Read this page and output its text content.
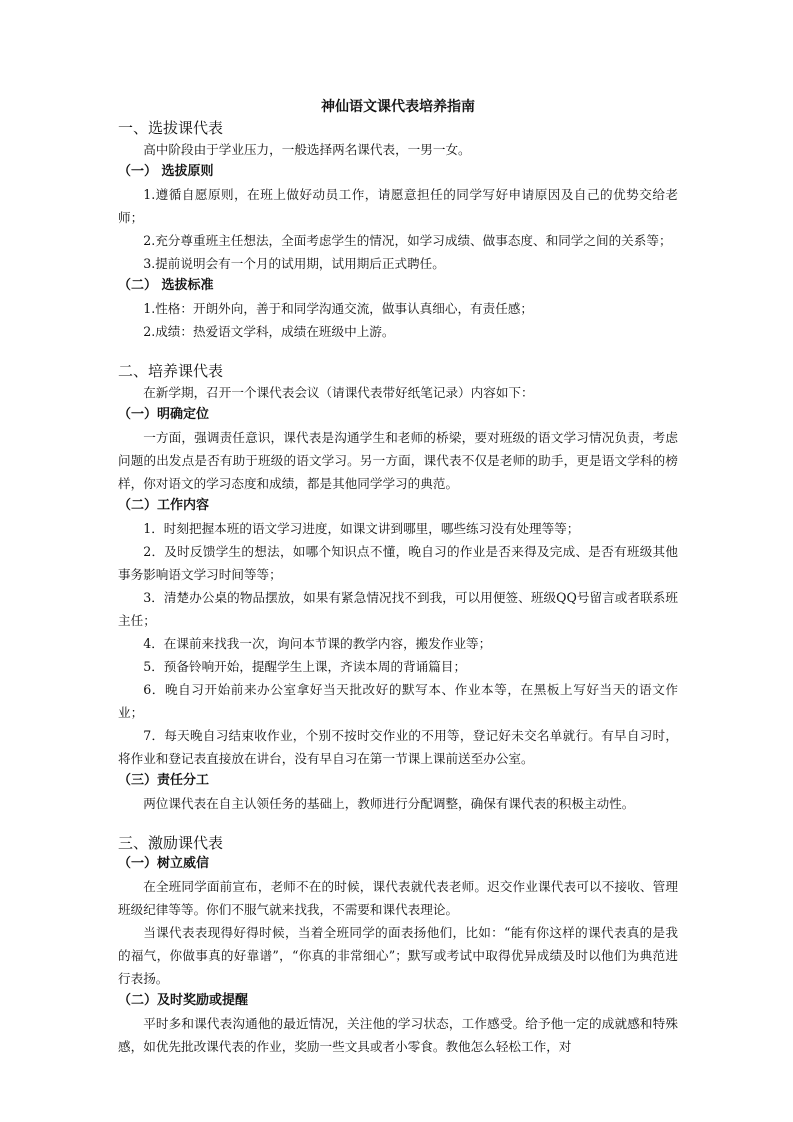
神仙语文课代表培养指南
一、选拔课代表

高中阶段由于学业压力，一般选择两名课代表，一男一女。

（一） 选拔原则

1.遵循自愿原则，在班上做好动员工作，请愿意担任的同学写好申请原因及自己的优势交给老师；

2.充分尊重班主任想法，全面考虑学生的情况，如学习成绩、做事态度、和同学之间的关系等；

3.提前说明会有一个月的试用期，试用期后正式聘任。

（二） 选拔标准

1.性格：开朗外向，善于和同学沟通交流，做事认真细心，有责任感；

2.成绩：热爱语文学科，成绩在班级中上游。

二、培养课代表

在新学期，召开一个课代表会议（请课代表带好纸笔记录）内容如下：

（一）明确定位

一方面，强调责任意识，课代表是沟通学生和老师的桥梁，要对班级的语文学习情况负责，考虑问题的出发点是否有助于班级的语文学习。另一方面，课代表不仅是老师的助手，更是语文学科的榜样，你对语文的学习态度和成绩，都是其他同学学习的典范。

（二）工作内容

1．时刻把握本班的语文学习进度，如课文讲到哪里，哪些练习没有处理等等；

2．及时反馈学生的想法，如哪个知识点不懂，晚自习的作业是否来得及完成、是否有班级其他事务影响语文学习时间等等；

3．清楚办公桌的物品摆放，如果有紧急情况找不到我，可以用便签、班级QQ号留言或者联系班主任；

4．在课前来找我一次，询问本节课的教学内容，搬发作业等；

5．预备铃响开始，提醒学生上课，齐读本周的背诵篇目；

6．晚自习开始前来办公室拿好当天批改好的默写本、作业本等，在黑板上写好当天的语文作业；

7．每天晚自习结束收作业，个别不按时交作业的不用等，登记好未交名单就行。有早自习时，将作业和登记表直接放在讲台，没有早自习在第一节课上课前送至办公室。

（三）责任分工

两位课代表在自主认领任务的基础上，教师进行分配调整，确保有课代表的积极主动性。

三、激励课代表
（一）树立威信

在全班同学面前宣布，老师不在的时候，课代表就代表老师。迟交作业课代表可以不接收、管理班级纪律等等。你们不服气就来找我，不需要和课代表理论。

当课代表表现得好得时候，当着全班同学的面表扬他们，比如：“能有你这样的课代表真的是我的福气，你做事真的好靠谱”，“你真的非常细心”；默写或考试中取得优异成绩及时以他们为典范进行表扬。

（二）及时奖励或提醒

平时多和课代表沟通他的最近情况，关注他的学习状态，工作感受。给予他一定的成就感和特殊感，如优先批改课代表的作业，奖励一些文具或者小零食。教他怎么轻松工作，对
